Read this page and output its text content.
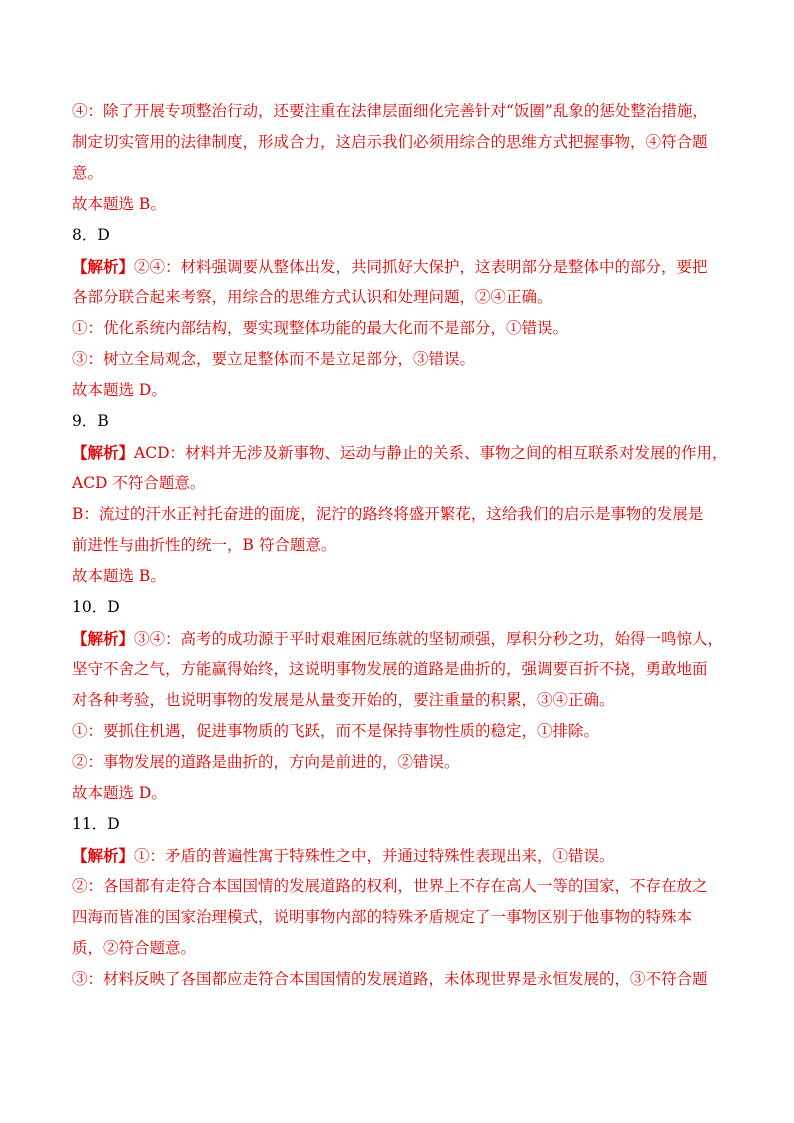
④：除了开展专项整治行动，还要注重在法律层面细化完善针对“饭圈”乱象的惩处整治措施，
制定切实管用的法律制度，形成合力，这启示我们必须用综合的思维方式把握事物，④符合题
意。
故本题选 B。
8．D
【解析】②④：材料强调要从整体出发，共同抓好大保护，这表明部分是整体中的部分，要把
各部分联合起来考察，用综合的思维方式认识和处理问题，②④正确。
①：优化系统内部结构，要实现整体功能的最大化而不是部分，①错误。
③：树立全局观念，要立足整体而不是立足部分，③错误。
故本题选 D。
9．B
【解析】ACD：材料并无涉及新事物、运动与静止的关系、事物之间的相互联系对发展的作用，
ACD 不符合题意。
B：流过的汗水正衬托奋进的面庞，泥泞的路终将盛开繁花，这给我们的启示是事物的发展是
前进性与曲折性的统一，B 符合题意。
故本题选 B。
10．D
【解析】③④：高考的成功源于平时艰难困厄练就的坚韧顽强，厚积分秒之功，始得一鸣惊人，
坚守不舍之气，方能赢得始终，这说明事物发展的道路是曲折的，强调要百折不挠，勇敢地面
对各种考验，也说明事物的发展是从量变开始的，要注重量的积累，③④正确。
①：要抓住机遇，促进事物质的飞跃，而不是保持事物性质的稳定，①排除。
②：事物发展的道路是曲折的，方向是前进的，②错误。
故本题选 D。
11．D
【解析】①：矛盾的普遍性寓于特殊性之中，并通过特殊性表现出来，①错误。
②：各国都有走符合本国国情的发展道路的权利，世界上不存在高人一等的国家，不存在放之
四海而皆准的国家治理模式，说明事物内部的特殊矛盾规定了一事物区别于他事物的特殊本
质，②符合题意。
③：材料反映了各国都应走符合本国国情的发展道路，未体现世界是永恒发展的，③不符合题
